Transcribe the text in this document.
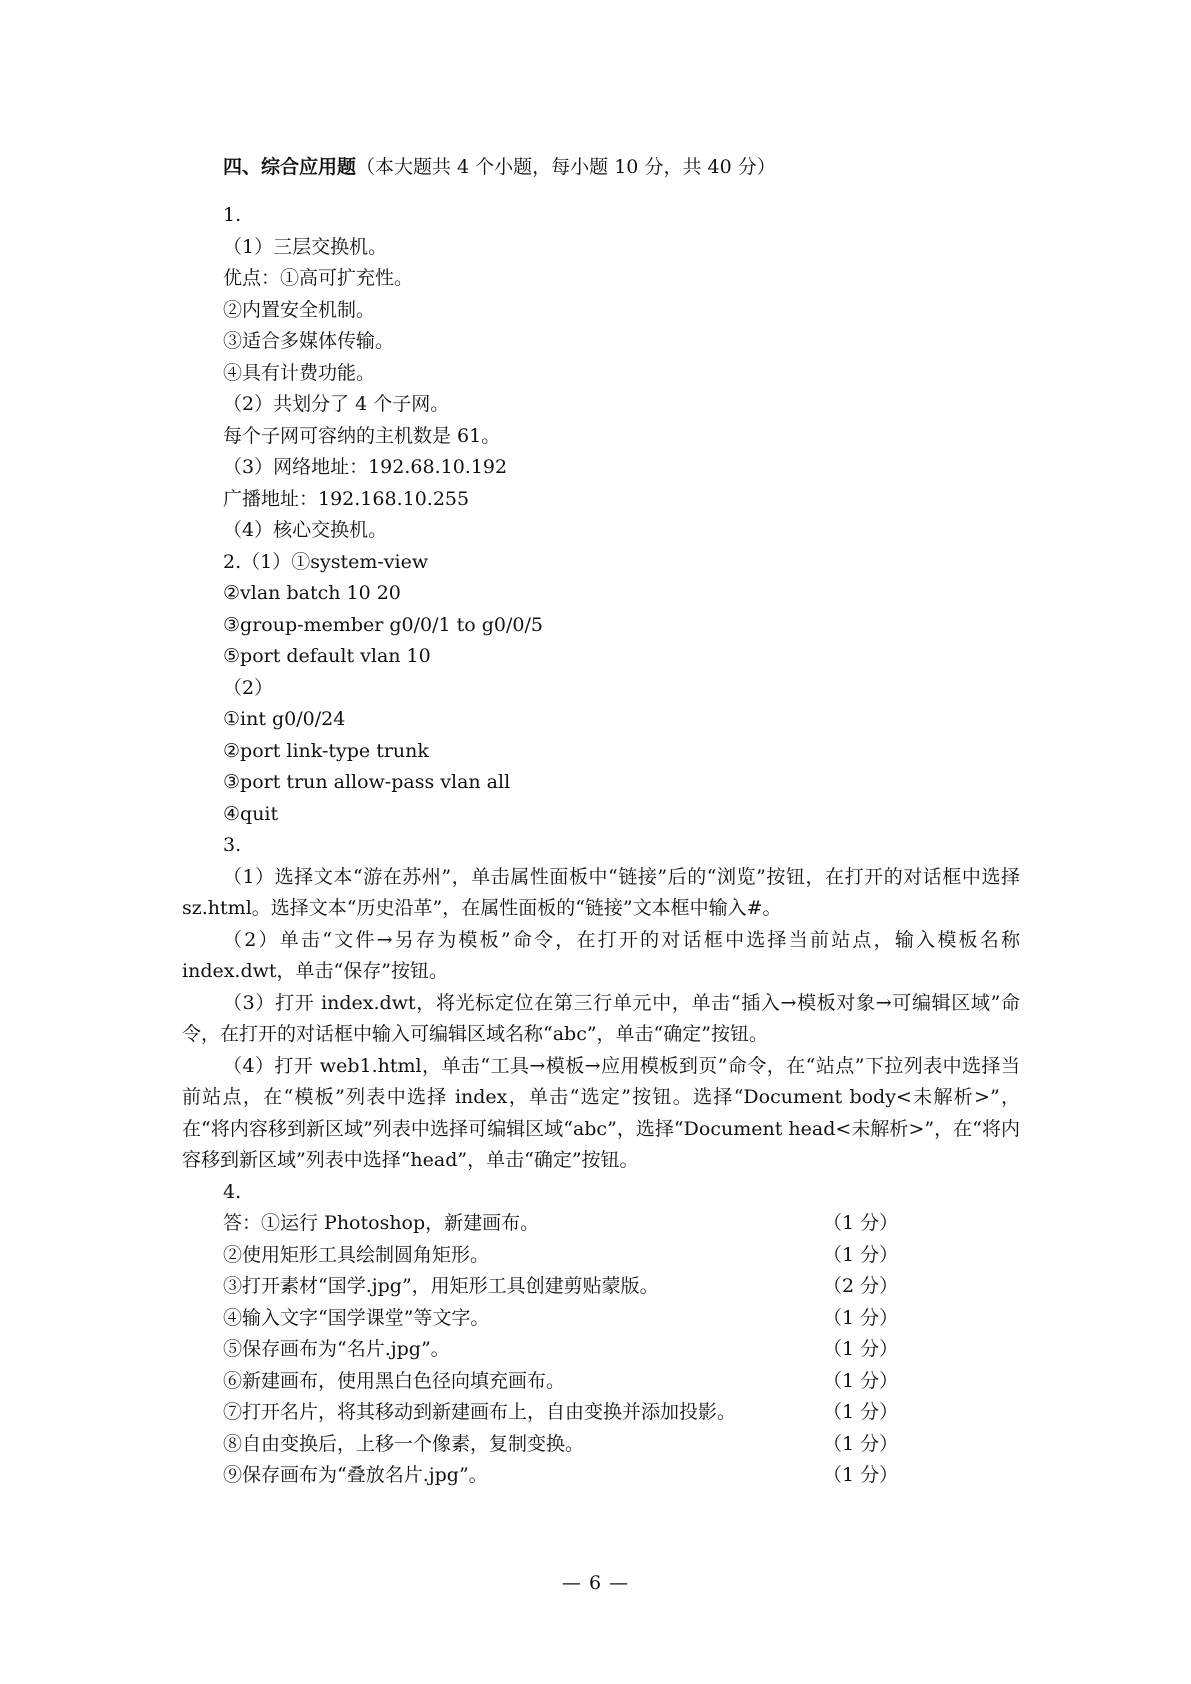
四、综合应用题（本大题共 4 个小题，每小题 10 分，共 40 分）
1.
（1）三层交换机。
优点：①高可扩充性。
②内置安全机制。
③适合多媒体传输。
④具有计费功能。
（2）共划分了 4 个子网。
每个子网可容纳的主机数是 61。
（3）网络地址：192.68.10.192
广播地址：192.168.10.255
（4）核心交换机。
2.（1）①system-view
②vlan batch 10 20
③group-member g0/0/1 to g0/0/5
⑤port default vlan 10
（2）
①int g0/0/24
②port link-type trunk
③port trun allow-pass vlan all
④quit
3.
（1）选择文本“游在苏州”，单击属性面板中“链接”后的“浏览”按钮，在打开的对话框中选择 sz.html。选择文本“历史沿革”，在属性面板的“链接”文本框中输入#。
（2）单击“文件→另存为模板”命令，在打开的对话框中选择当前站点，输入模板名称 index.dwt，单击“保存”按钮。
（3）打开 index.dwt，将光标定位在第三行单元中，单击“插入→模板对象→可编辑区域”命令，在打开的对话框中输入可编辑区域名称“abc”，单击“确定”按钮。
（4）打开 web1.html，单击“工具→模板→应用模板到页”命令，在“站点”下拉列表中选择当前站点，在“模板”列表中选择 index，单击“选定”按钮。选择“Document body<未解析>”，在“将内容移到新区域”列表中选择可编辑区域“abc”，选择“Document head<未解析>”，在“将内容移到新区域”列表中选择“head”，单击“确定”按钮。
4.
答：①运行 Photoshop，新建画布。	（1 分）
②使用矩形工具绘制圆角矩形。	（1 分）
③打开素材“国学.jpg”，用矩形工具创建剪贴蒙版。	（2 分）
④输入文字“国学课堂”等文字。	（1 分）
⑤保存画布为“名片.jpg”。	（1 分）
⑥新建画布，使用黑白色径向填充画布。	（1 分）
⑦打开名片，将其移动到新建画布上，自由变换并添加投影。	（1 分）
⑧自由变换后，上移一个像素，复制变换。	（1 分）
⑨保存画布为“叠放名片.jpg”。	（1 分）
— 6 —
